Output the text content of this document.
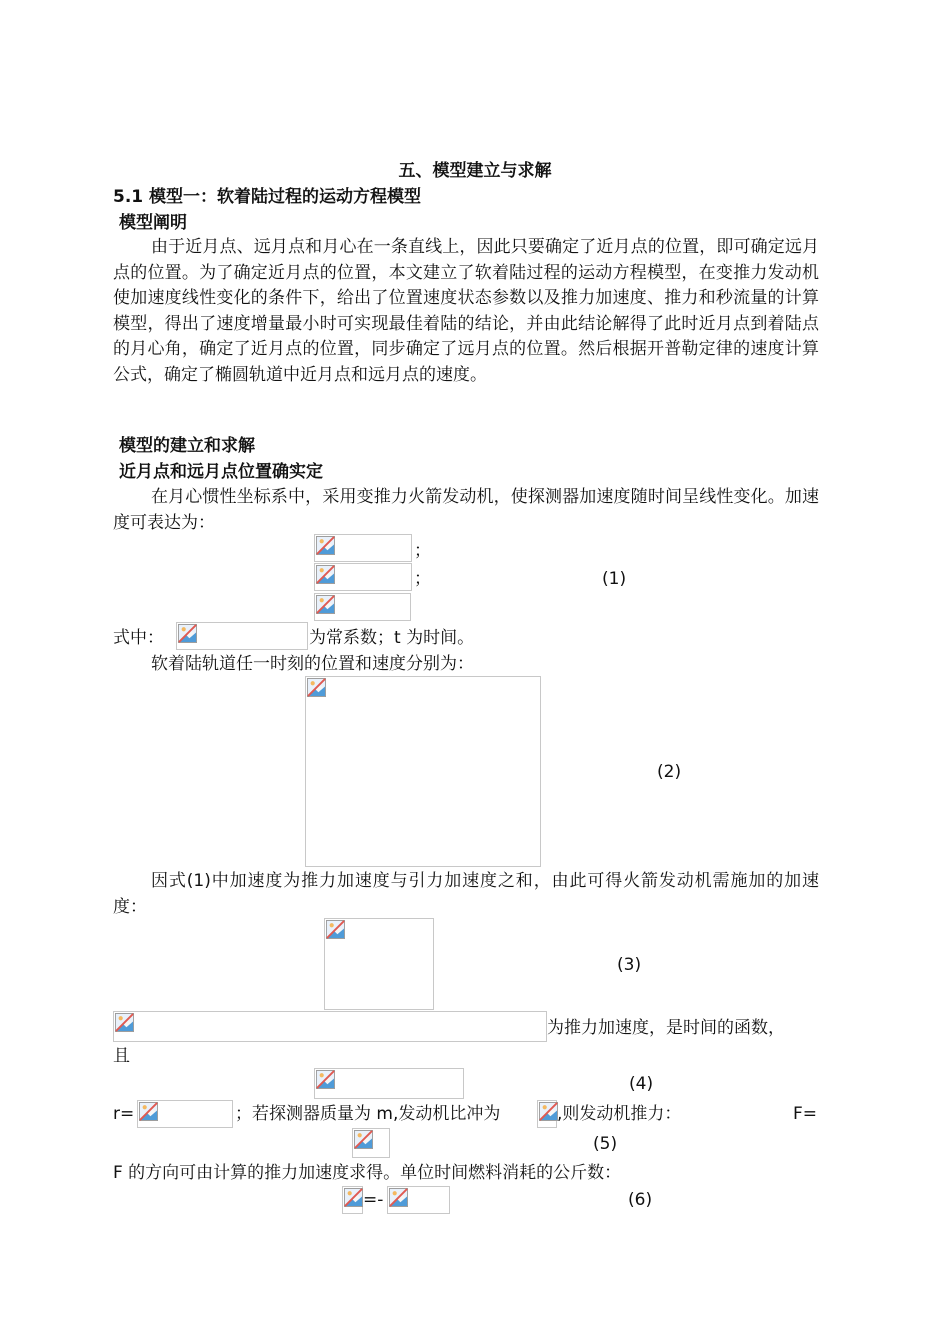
五、模型建立与求解
5.1 模型一：软着陆过程的运动方程模型
模型阐明
由于近月点、远月点和月心在一条直线上，因此只要确定了近月点的位置，即可确定远月点的位置。为了确定近月点的位置，本文建立了软着陆过程的运动方程模型，在变推力发动机使加速度线性变化的条件下，给出了位置速度状态参数以及推力加速度、推力和秒流量的计算模型，得出了速度增量最小时可实现最佳着陆的结论，并由此结论解得了此时近月点到着陆点的月心角，确定了近月点的位置，同步确定了远月点的位置。然后根据开普勒定律的速度计算公式，确定了椭圆轨道中近月点和远月点的速度。
模型的建立和求解
近月点和远月点位置确实定
在月心惯性坐标系中，采用变推力火箭发动机，使探测器加速度随时间呈线性变化。加速度可表达为：
；
；	(1)
式中：	为常系数；t 为时间。
软着陆轨道任一时刻的位置和速度分别为：
(2)
因式(1)中加速度为推力加速度与引力加速度之和，由此可得火箭发动机需施加的加速度：
(3)
为推力加速度，是时间的函数，
且
(4)
r=	；若探测器质量为 m,发动机比冲为	,则发动机推力：	F=
(5)
F 的方向可由计算的推力加速度求得。单位时间燃料消耗的公斤数：
=-	(6)
